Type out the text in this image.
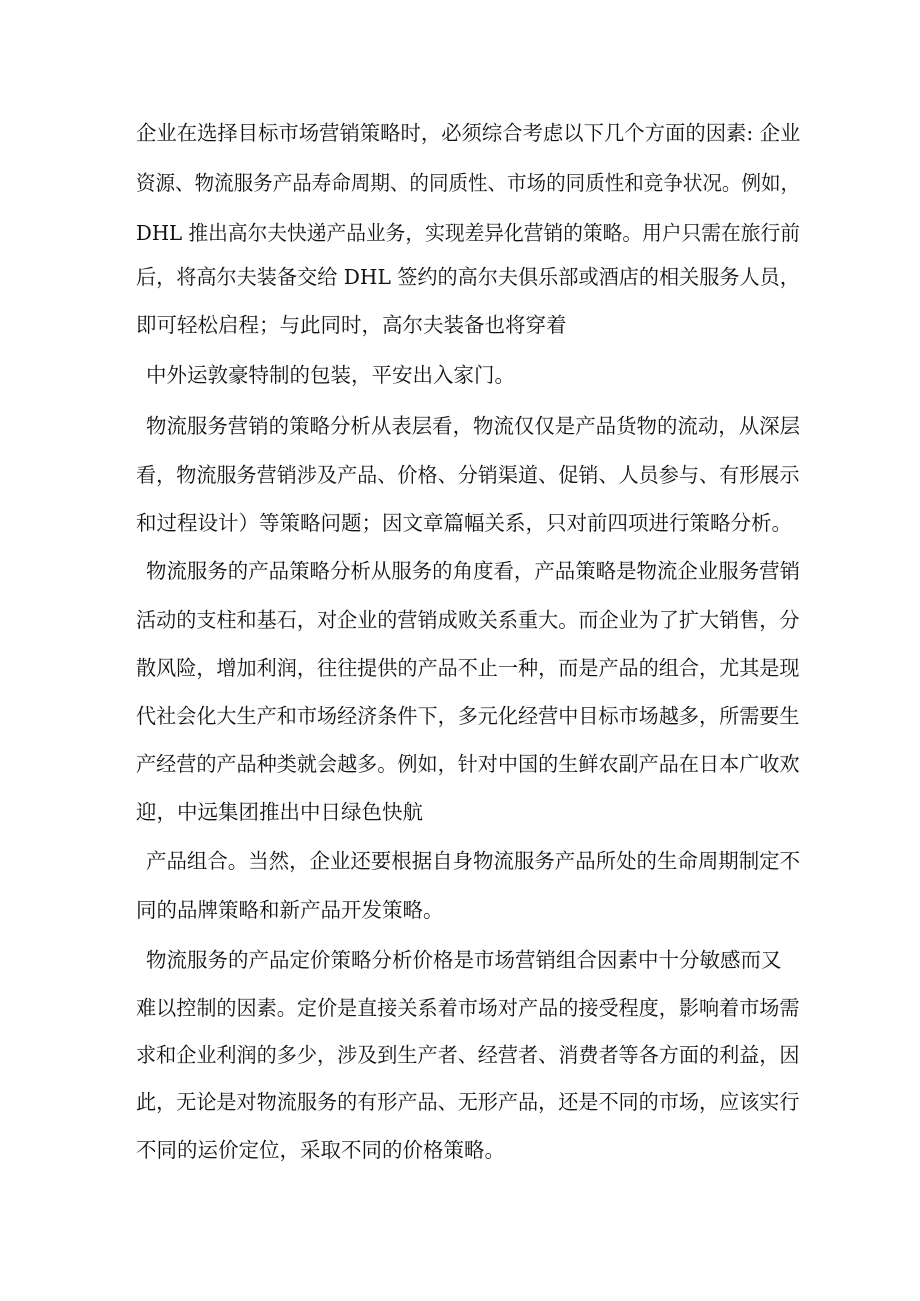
企业在选择目标市场营销策略时，必须综合考虑以下几个方面的因素: 企业
资源、物流服务产品寿命周期、的同质性、市场的同质性和竞争状况。例如，
DHL 推出高尔夫快递产品业务，实现差异化营销的策略。用户只需在旅行前
后，将高尔夫装备交给 DHL 签约的高尔夫俱乐部或酒店的相关服务人员，
即可轻松启程；与此同时，高尔夫装备也将穿着
中外运敦豪特制的包装，平安出入家门。
物流服务营销的策略分析从表层看，物流仅仅是产品货物的流动，从深层
看，物流服务营销涉及产品、价格、分销渠道、促销、人员参与、有形展示
和过程设计）等策略问题；因文章篇幅关系，只对前四项进行策略分析。
物流服务的产品策略分析从服务的角度看，产品策略是物流企业服务营销
活动的支柱和基石，对企业的营销成败关系重大。而企业为了扩大销售，分
散风险，增加利润，往往提供的产品不止一种，而是产品的组合，尤其是现
代社会化大生产和市场经济条件下，多元化经营中目标市场越多，所需要生
产经营的产品种类就会越多。例如，针对中国的生鲜农副产品在日本广收欢
迎，中远集团推出中日绿色快航
产品组合。当然，企业还要根据自身物流服务产品所处的生命周期制定不
同的品牌策略和新产品开发策略。
物流服务的产品定价策略分析价格是市场营销组合因素中十分敏感而又
难以控制的因素。定价是直接关系着市场对产品的接受程度，影响着市场需
求和企业利润的多少，涉及到生产者、经营者、消费者等各方面的利益，因
此，无论是对物流服务的有形产品、无形产品，还是不同的市场，应该实行
不同的运价定位，采取不同的价格策略。
